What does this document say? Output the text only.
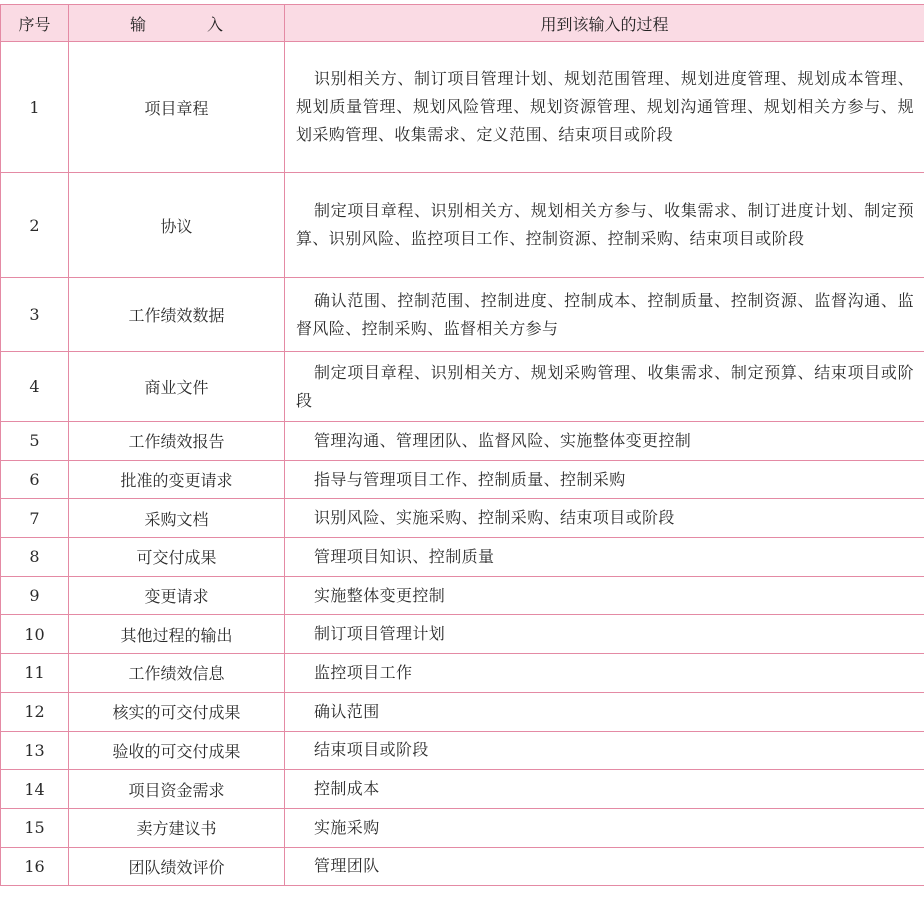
序号	输 入	用到该输入的过程
1	项目章程	识别相关方、制订项目管理计划、规划范围管理、规划进度管理、规划成本管理、规划质量管理、规划风险管理、规划资源管理、规划沟通管理、规划相关方参与、规划采购管理、收集需求、定义范围、结束项目或阶段

2	协议	制定项目章程、识别相关方、规划相关方参与、收集需求、制订进度计划、制定预算、识别风险、监控项目工作、控制资源、控制采购、结束项目或阶段

3	工作绩效数据	确认范围、控制范围、控制进度、控制成本、控制质量、控制资源、监督沟通、监督风险、控制采购、监督相关方参与

4	商业文件	制定项目章程、识别相关方、规划采购管理、收集需求、制定预算、结束项目或阶段

5	工作绩效报告	管理沟通、管理团队、监督风险、实施整体变更控制

6	批准的变更请求	指导与管理项目工作、控制质量、控制采购

7	采购文档	识别风险、实施采购、控制采购、结束项目或阶段

8	可交付成果	管理项目知识、控制质量

9	变更请求	实施整体变更控制

10	其他过程的输出	制订项目管理计划

11	工作绩效信息	监控项目工作

12	核实的可交付成果	确认范围

13	验收的可交付成果	结束项目或阶段

14	项目资金需求	控制成本

15	卖方建议书	实施采购

16	团队绩效评价	管理团队
